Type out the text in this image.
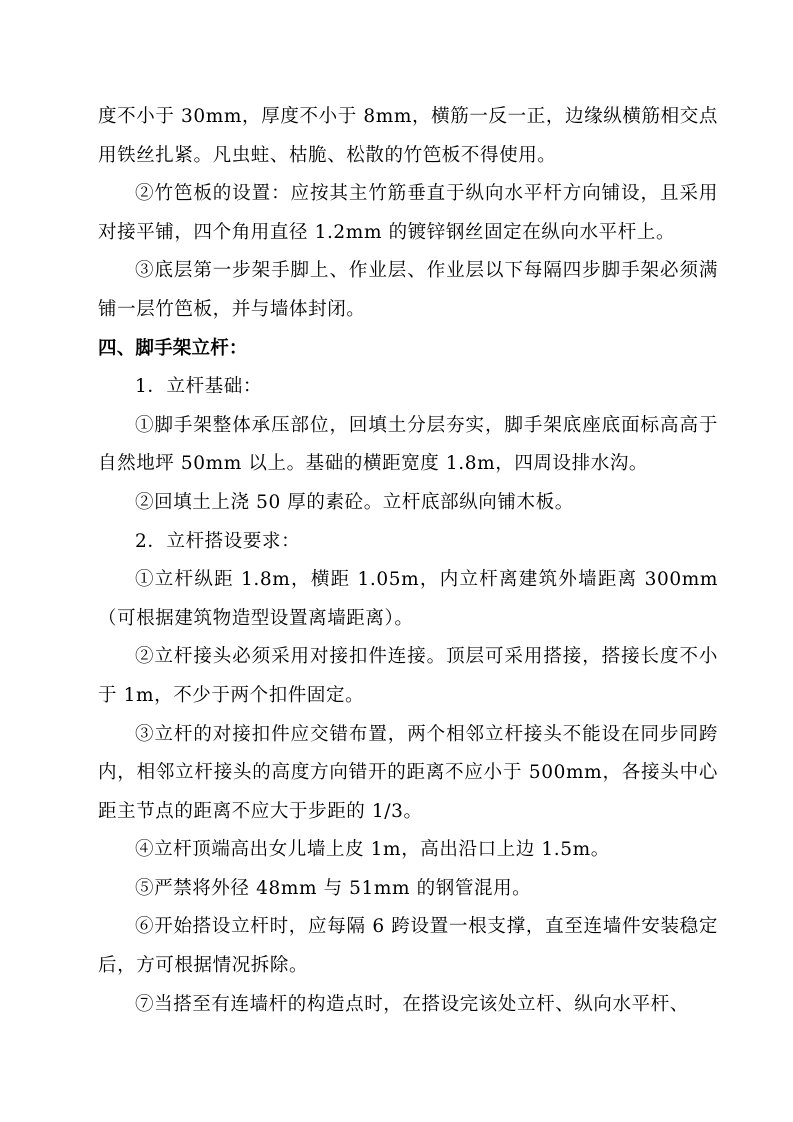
度不小于 30mm，厚度不小于 8mm，横筋一反一正，边缘纵横筋相交点用铁丝扎紧。凡虫蛀、枯脆、松散的竹笆板不得使用。

②竹笆板的设置：应按其主竹筋垂直于纵向水平杆方向铺设，且采用对接平铺，四个角用直径 1.2mm 的镀锌钢丝固定在纵向水平杆上。

③底层第一步架手脚上、作业层、作业层以下每隔四步脚手架必须满铺一层竹笆板，并与墙体封闭。

四、脚手架立杆：

1．立杆基础：

①脚手架整体承压部位，回填土分层夯实，脚手架底座底面标高高于自然地坪 50mm 以上。基础的横距宽度 1.8m，四周设排水沟。

②回填土上浇 50 厚的素砼。立杆底部纵向铺木板。

2．立杆搭设要求：

①立杆纵距 1.8m，横距 1.05m，内立杆离建筑外墙距离 300mm（可根据建筑物造型设置离墙距离）。

②立杆接头必须采用对接扣件连接。顶层可采用搭接，搭接长度不小于 1m，不少于两个扣件固定。

③立杆的对接扣件应交错布置，两个相邻立杆接头不能设在同步同跨内，相邻立杆接头的高度方向错开的距离不应小于 500mm，各接头中心距主节点的距离不应大于步距的 1/3。

④立杆顶端高出女儿墙上皮 1m，高出沿口上边 1.5m。

⑤严禁将外径 48mm 与 51mm 的钢管混用。

⑥开始搭设立杆时，应每隔 6 跨设置一根支撑，直至连墙件安装稳定后，方可根据情况拆除。

⑦当搭至有连墙杆的构造点时，在搭设完该处立杆、纵向水平杆、
